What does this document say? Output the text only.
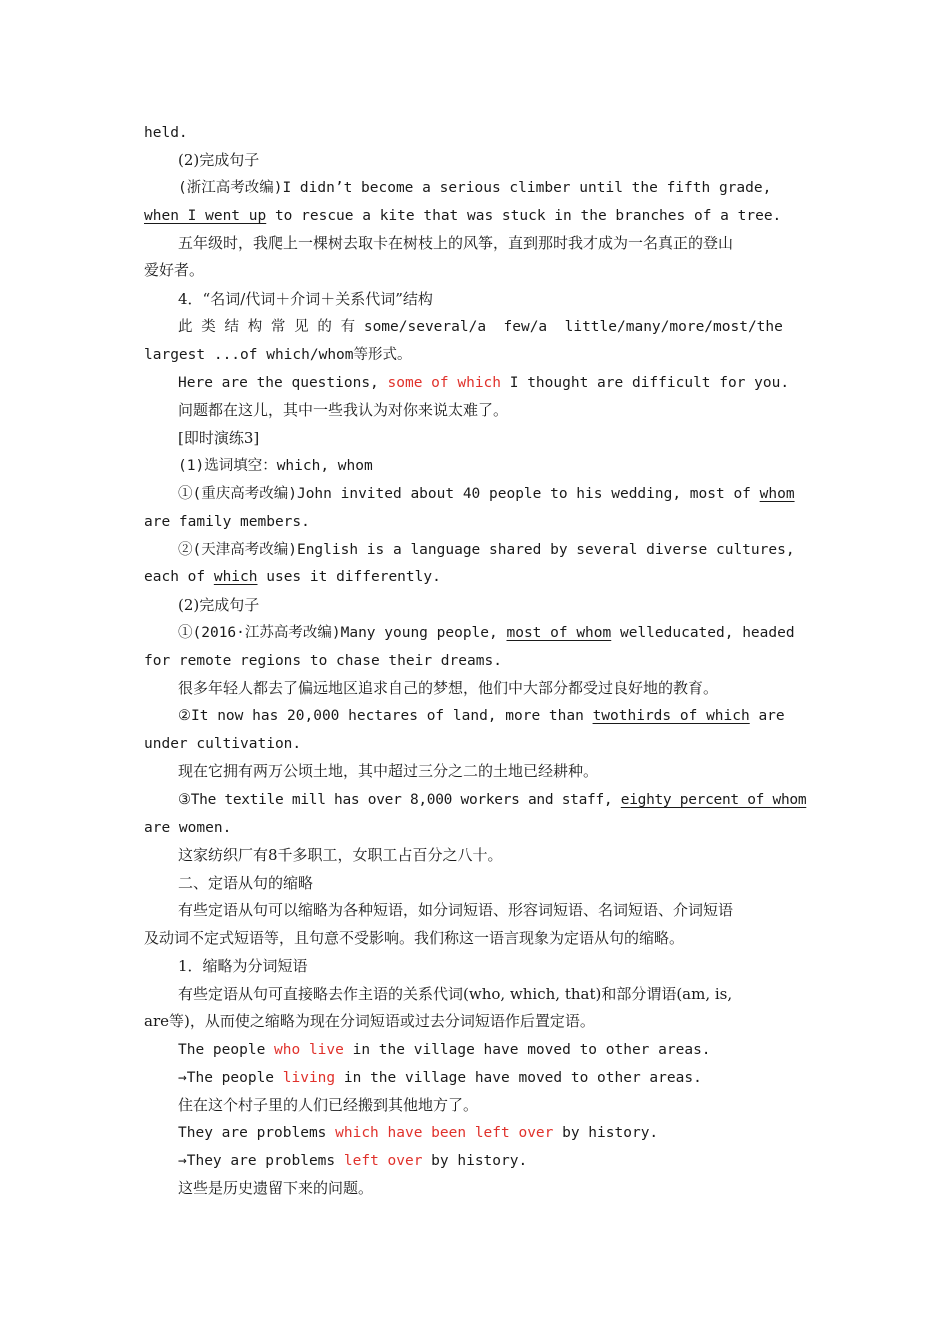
held.
(2)完成句子
(浙江高考改编)I didn’t become a serious climber until the fifth grade,
when I went up to rescue a kite that was stuck in the branches of a tree.
五年级时，我爬上一棵树去取卡在树枝上的风筝，直到那时我才成为一名真正的登山
爱好者。
4．“名词/代词＋介词＋关系代词”结构
此 类 结 构 常 见 的 有 some/several/a  few/a  little/many/more/most/the
largest ...of which/whom等形式。
Here are the questions, some of which I thought are difficult for you.
问题都在这儿，其中一些我认为对你来说太难了。
[即时演练3]
(1)选词填空：which, whom
①(重庆高考改编)John invited about 40 people to his wedding, most of whom
are family members.
②(天津高考改编)English is a language shared by several diverse cultures,
each of which uses it differently.
(2)完成句子
①(2016·江苏高考改编)Many young people, most of whom welleducated, headed
for remote regions to chase their dreams.
很多年轻人都去了偏远地区追求自己的梦想，他们中大部分都受过良好地的教育。
②It now has 20,000 hectares of land, more than twothirds of which are
under cultivation.
现在它拥有两万公顷土地，其中超过三分之二的土地已经耕种。
③The textile mill has over 8,000 workers and staff, eighty percent of whom
are women.
这家纺织厂有8千多职工，女职工占百分之八十。
二、定语从句的缩略
有些定语从句可以缩略为各种短语，如分词短语、形容词短语、名词短语、介词短语
及动词不定式短语等，且句意不受影响。我们称这一语言现象为定语从句的缩略。
1．缩略为分词短语
有些定语从句可直接略去作主语的关系代词(who, which, that)和部分谓语(am, is,
are等)，从而使之缩略为现在分词短语或过去分词短语作后置定语。
The people who live in the village have moved to other areas.
→The people living in the village have moved to other areas.
住在这个村子里的人们已经搬到其他地方了。
They are problems which have been left over by history.
→They are problems left over by history.
这些是历史遗留下来的问题。
